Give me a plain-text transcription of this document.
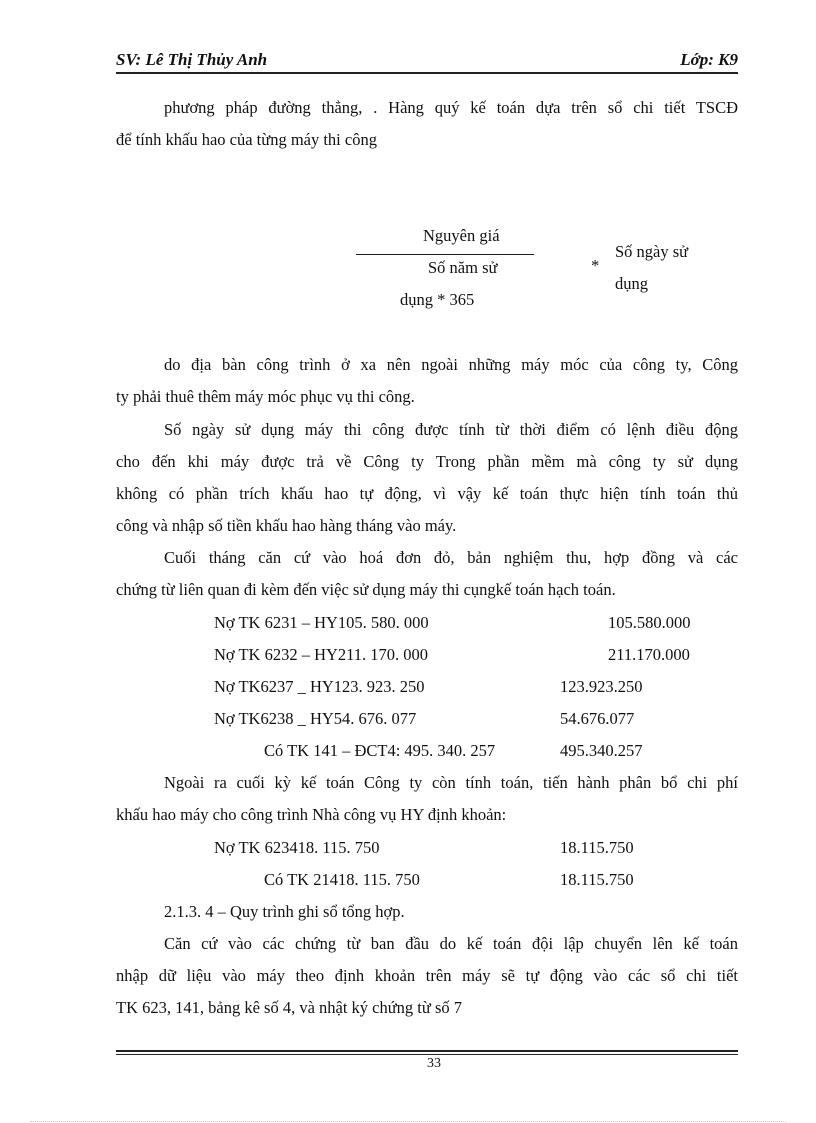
SV: Lê Thị Thủy Anh	Lớp: K9
phương pháp đường thẳng, . Hàng quý kế toán dựa trên sổ chi tiết TSCĐ
để tính khấu hao của từng máy thi công
Nguyên giá
Số năm sử
dụng * 365
*
Số ngày sử
dụng
do địa bàn công trình ở xa nên ngoài những máy móc của công ty, Công
ty phải thuê thêm máy móc phục vụ thi công.
Số ngày sử dụng máy thi công được tính từ thời điểm có lệnh điều động
cho đến khi máy được trả về Công ty Trong phần mềm mà công ty sử dụng
không có phần trích khấu hao tự động, vì vậy kế toán thực hiện tính toán thủ
công và nhập số tiền khấu hao hàng tháng vào máy.
Cuối tháng căn cứ vào hoá đơn đỏ, bản nghiệm thu, hợp đồng và các
chứng từ liên quan đi kèm đến việc sử dụng máy thi cụngkế toán hạch toán.
Nợ TK 6231 – HY105. 580. 000	105.580.000
Nợ TK 6232 – HY211. 170. 000	211.170.000
Nợ TK6237 _ HY123. 923. 250	123.923.250
Nợ TK6238 _ HY54. 676. 077	54.676.077
Có TK 141 – ĐCT4: 495. 340. 257	495.340.257
Ngoài ra cuối kỳ kế toán Công ty còn tính toán, tiến hành phân bổ chi phí
khấu hao máy cho công trình Nhà công vụ HY định khoản:
Nợ TK 623418. 115. 750	18.115.750
Có TK 21418. 115. 750	18.115.750
2.1.3. 4 – Quy trình ghi sổ tổng hợp.
Căn cứ vào các chứng từ ban đầu do kế toán đội lập chuyển lên kế toán
nhập dữ liệu vào máy theo định khoản trên máy sẽ tự động vào các sổ chi tiết
TK 623, 141, bảng kê số 4, và nhật ký chứng từ số 7
33
